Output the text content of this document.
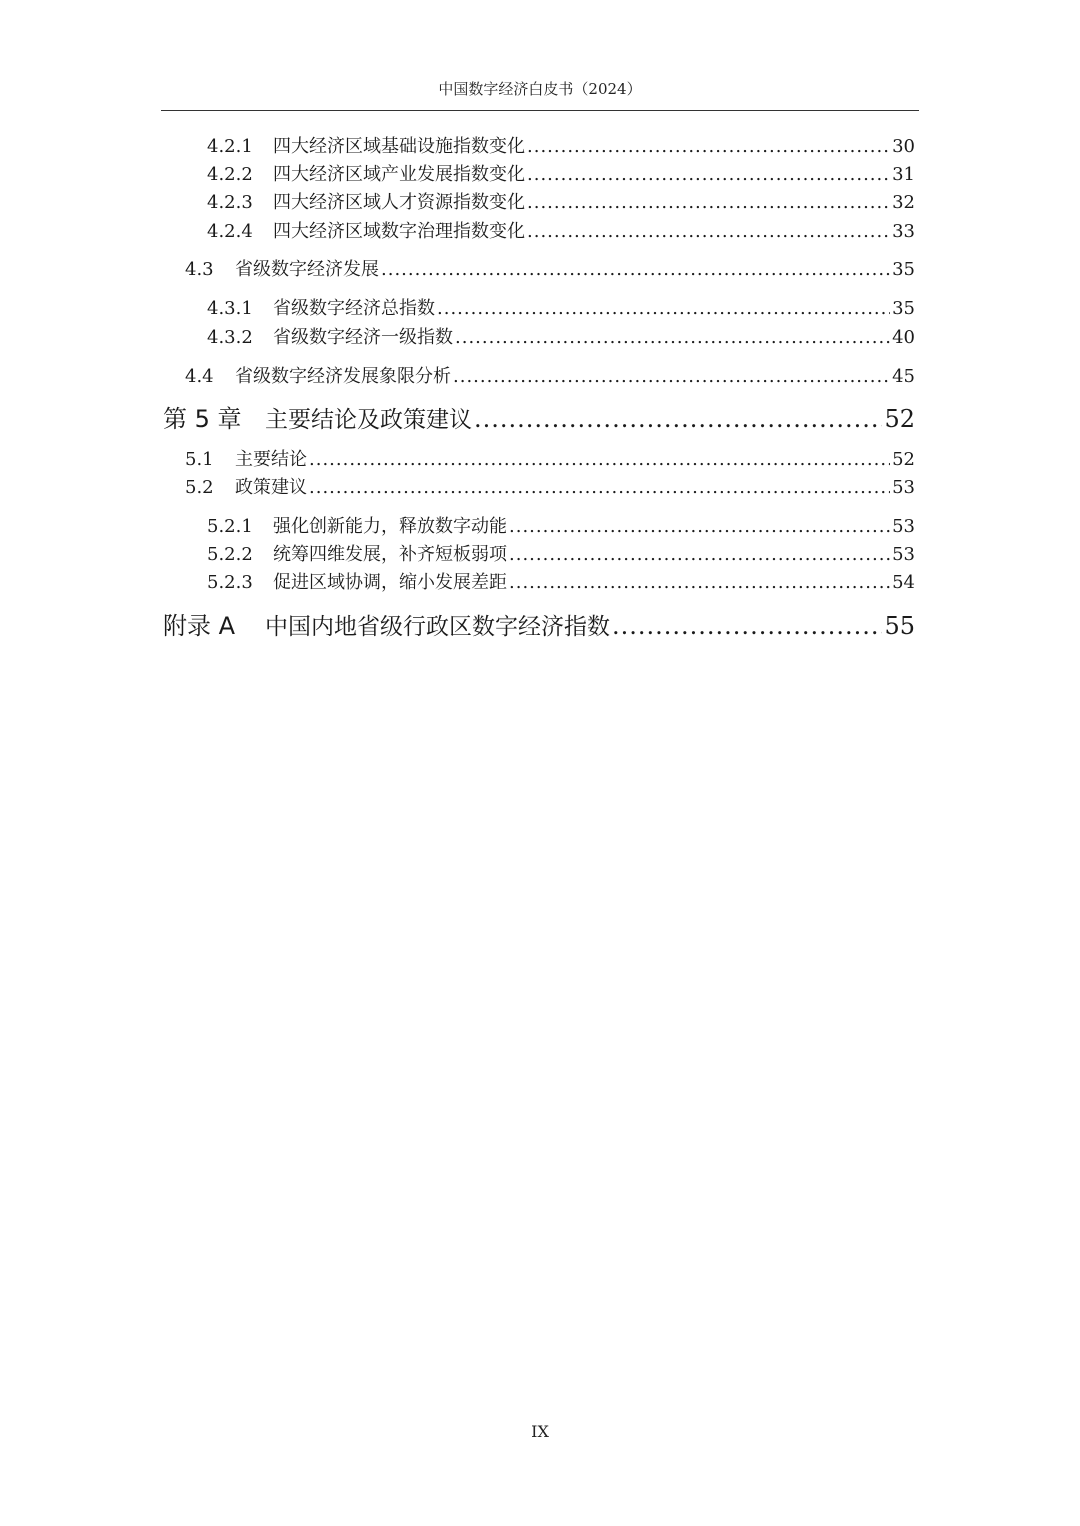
中国数字经济白皮书（2024）
4.2.1	四大经济区域基础设施指数变化 .....	30
4.2.2	四大经济区域产业发展指数变化 .....	31
4.2.3	四大经济区域人才资源指数变化 .....	32
4.2.4	四大经济区域数字治理指数变化 .....	33
4.3	省级数字经济发展 .....	35
4.3.1	省级数字经济总指数 .....	35
4.3.2	省级数字经济一级指数 .....	40
4.4	省级数字经济发展象限分析 .....	45
第 5 章	主要结论及政策建议 .....	52
5.1	主要结论 .....	52
5.2	政策建议 .....	53
5.2.1	强化创新能力，释放数字动能 .....	53
5.2.2	统筹四维发展，补齐短板弱项 .....	53
5.2.3	促进区域协调，缩小发展差距 .....	54
附录 A	中国内地省级行政区数字经济指数 .....	55
IX
